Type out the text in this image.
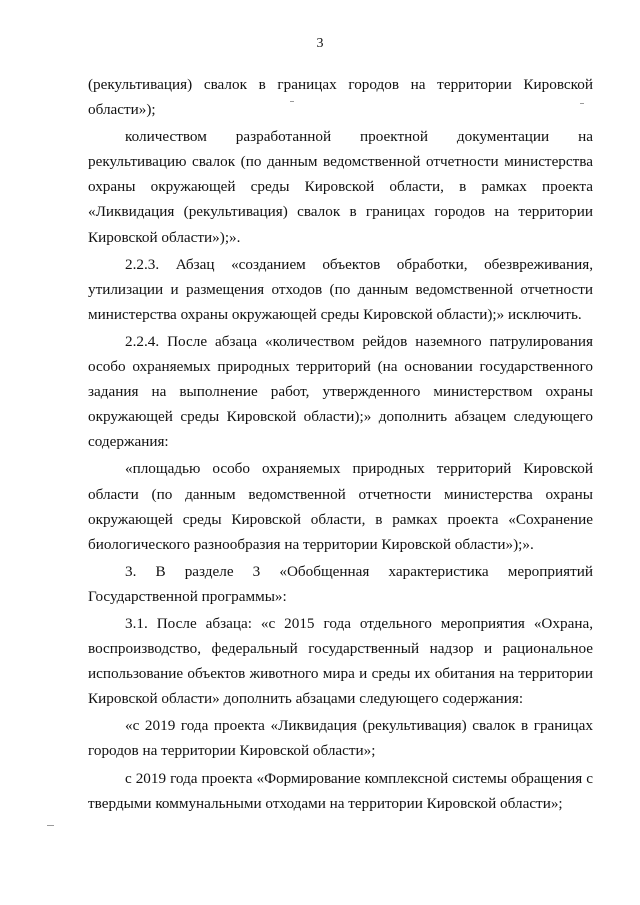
3

(рекультивация) свалок в границах городов на территории Кировской области»);

количеством разработанной проектной документации на рекультивацию свалок (по данным ведомственной отчетности министерства охраны окружающей среды Кировской области, в рамках проекта «Ликвидация (рекультивация) свалок в границах городов на территории Кировской области»);».

2.2.3. Абзац «созданием объектов обработки, обезвреживания, утилизации и размещения отходов (по данным ведомственной отчетности министерства охраны окружающей среды Кировской области);» исключить.

2.2.4. После абзаца «количеством рейдов наземного патрулирования особо охраняемых природных территорий (на основании государственного задания на выполнение работ, утвержденного министерством охраны окружающей среды Кировской области);» дополнить абзацем следующего содержания:

«площадью особо охраняемых природных территорий Кировской области (по данным ведомственной отчетности министерства охраны окружающей среды Кировской области, в рамках проекта «Сохранение биологического разнообразия на территории Кировской области»);».

3. В разделе 3 «Обобщенная характеристика мероприятий Государственной программы»:

3.1. После абзаца: «с 2015 года отдельного мероприятия «Охрана, воспроизводство, федеральный государственный надзор и рациональное использование объектов животного мира и среды их обитания на территории Кировской области» дополнить абзацами следующего содержания:

«с 2019 года проекта «Ликвидация (рекультивация) свалок в границах городов на территории Кировской области»;

с 2019 года проекта «Формирование комплексной системы обращения с твердыми коммунальными отходами на территории Кировской области»;
